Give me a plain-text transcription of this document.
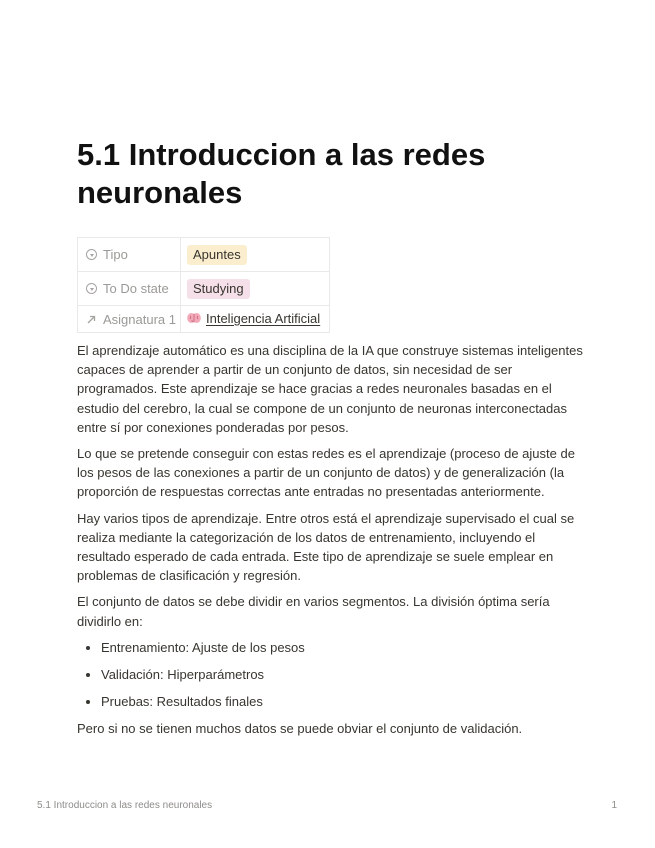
5.1 Introduccion a las redes neuronales
Tipo	Apuntes

To Do state	Studying

Asignatura 1	Inteligencia Artificial

El aprendizaje automático es una disciplina de la IA que construye sistemas inteligentes capaces de aprender a partir de un conjunto de datos, sin necesidad de ser programados. Este aprendizaje se hace gracias a redes neuronales basadas en el estudio del cerebro, la cual se compone de un conjunto de neuronas interconectadas entre sí por conexiones ponderadas por pesos.

Lo que se pretende conseguir con estas redes es el aprendizaje (proceso de ajuste de los pesos de las conexiones a partir de un conjunto de datos) y de generalización (la proporción de respuestas correctas ante entradas no presentadas anteriormente.

Hay varios tipos de aprendizaje. Entre otros está el aprendizaje supervisado el cual se realiza mediante la categorización de los datos de entrenamiento, incluyendo el resultado esperado de cada entrada. Este tipo de aprendizaje se suele emplear en problemas de clasificación y regresión.

El conjunto de datos se debe dividir en varios segmentos. La división óptima sería dividirlo en:

• Entrenamiento: Ajuste de los pesos
• Validación: Hiperparámetros
• Pruebas: Resultados finales

Pero si no se tienen muchos datos se puede obviar el conjunto de validación.

5.1 Introduccion a las redes neuronales	1
